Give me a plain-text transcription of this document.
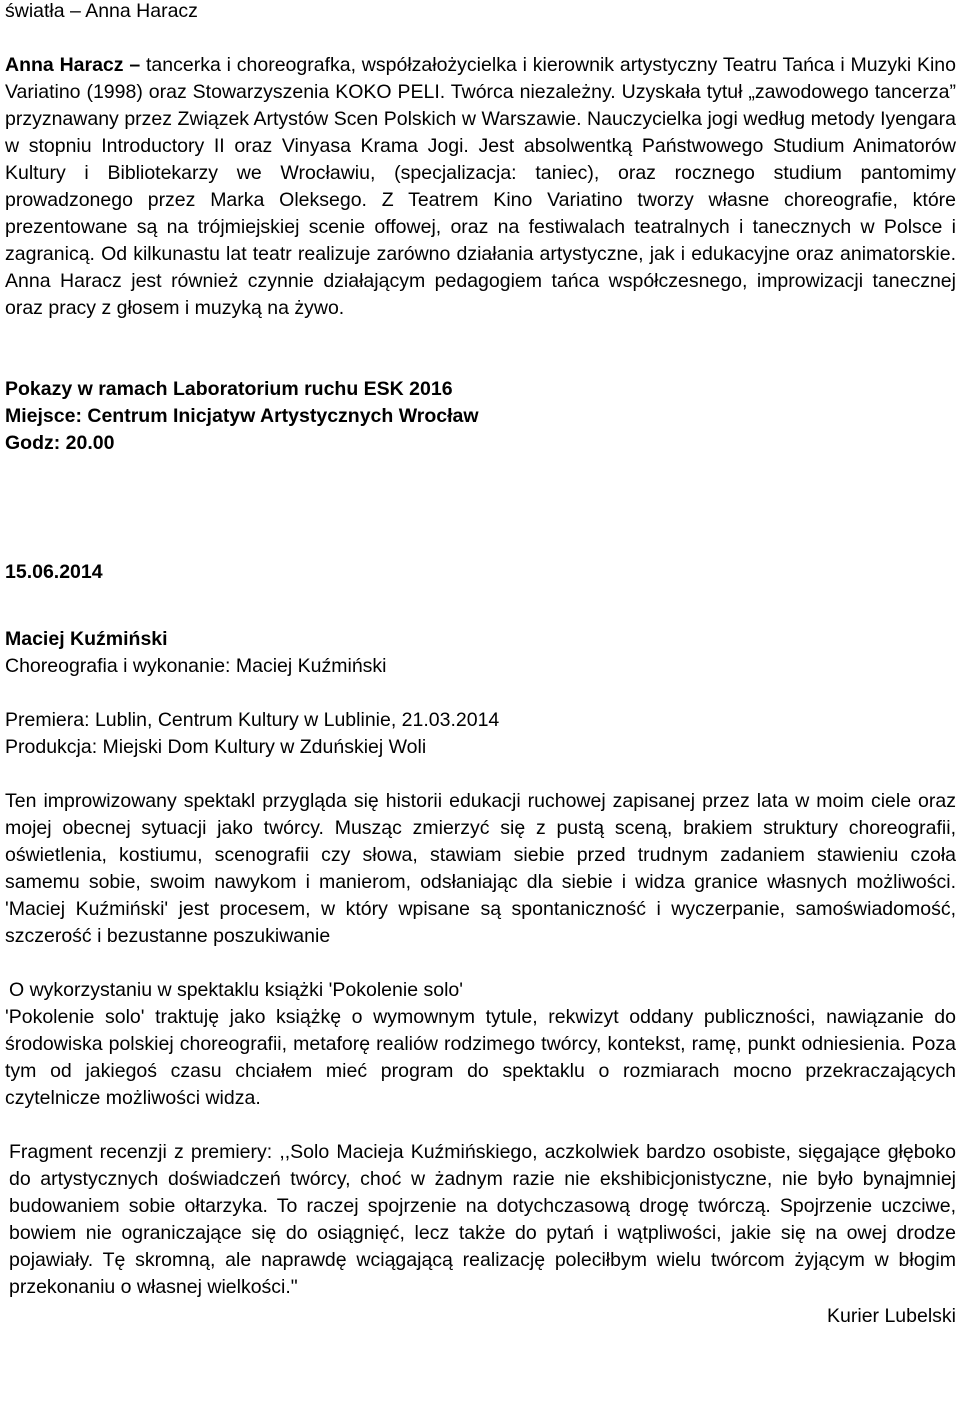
światła – Anna Haracz

Anna Haracz – tancerka i choreografka, współzałożycielka i kierownik artystyczny Teatru Tańca i Muzyki Kino Variatino (1998) oraz Stowarzyszenia KOKO PELI. Twórca niezależny. Uzyskała tytuł „zawodowego tancerza” przyznawany przez Związek Artystów Scen Polskich w Warszawie. Nauczycielka jogi według metody Iyengara w stopniu Introductory II oraz Vinyasa Krama Jogi. Jest absolwentką Państwowego Studium Animatorów Kultury i Bibliotekarzy we Wrocławiu, (specjalizacja: taniec), oraz rocznego studium pantomimy prowadzonego przez Marka Oleksego. Z Teatrem Kino Variatino tworzy własne choreografie, które prezentowane są na trójmiejskiej scenie offowej, oraz na festiwalach teatralnych i tanecznych w Polsce i zagranicą. Od kilkunastu lat teatr realizuje zarówno działania artystyczne, jak i edukacyjne oraz animatorskie. Anna Haracz jest również czynnie działającym pedagogiem tańca współczesnego, improwizacji tanecznej oraz pracy z głosem i muzyką na żywo.

Pokazy w ramach Laboratorium ruchu ESK 2016
Miejsce: Centrum Inicjatyw Artystycznych Wrocław
Godz: 20.00
15.06.2014
Maciej Kuźmiński
Choreografia i wykonanie: Maciej Kuźmiński
Premiera: Lublin, Centrum Kultury w Lublinie, 21.03.2014
Produkcja: Miejski Dom Kultury w Zduńskiej Woli

Ten improwizowany spektakl przygląda się historii edukacji ruchowej zapisanej przez lata w moim ciele oraz mojej obecnej sytuacji jako twórcy. Musząc zmierzyć się z pustą sceną, brakiem struktury choreografii, oświetlenia, kostiumu, scenografii czy słowa, stawiam siebie przed trudnym zadaniem stawieniu czoła samemu sobie, swoim nawykom i manierom, odsłaniając dla siebie i widza granice własnych możliwości. 'Maciej Kuźmiński' jest procesem, w który wpisane są spontaniczność i wyczerpanie, samoświadomość, szczerość i bezustanne poszukiwanie

O wykorzystaniu w spektaklu książki 'Pokolenie solo'

'Pokolenie solo' traktuję jako książkę o wymownym tytule, rekwizyt oddany publiczności, nawiązanie do środowiska polskiej choreografii, metaforę realiów rodzimego twórcy, kontekst, ramę, punkt odniesienia. Poza tym od jakiegoś czasu chciałem mieć program do spektaklu o rozmiarach mocno przekraczających czytelnicze możliwości widza.

Fragment recenzji z premiery: ,,Solo Macieja Kuźmińskiego, aczkolwiek bardzo osobiste, sięgające głęboko do artystycznych doświadczeń twórcy, choć w żadnym razie nie ekshibicjonistyczne, nie było bynajmniej budowaniem sobie ołtarzyka. To raczej spojrzenie na dotychczasową drogę twórczą. Spojrzenie uczciwe, bowiem nie ograniczające się do osiągnięć, lecz także do pytań i wątpliwości, jakie się na owej drodze pojawiały. Tę skromną, ale naprawdę wciągającą realizację poleciłbym wielu twórcom żyjącym w błogim przekonaniu o własnej wielkości."

Kurier Lubelski
